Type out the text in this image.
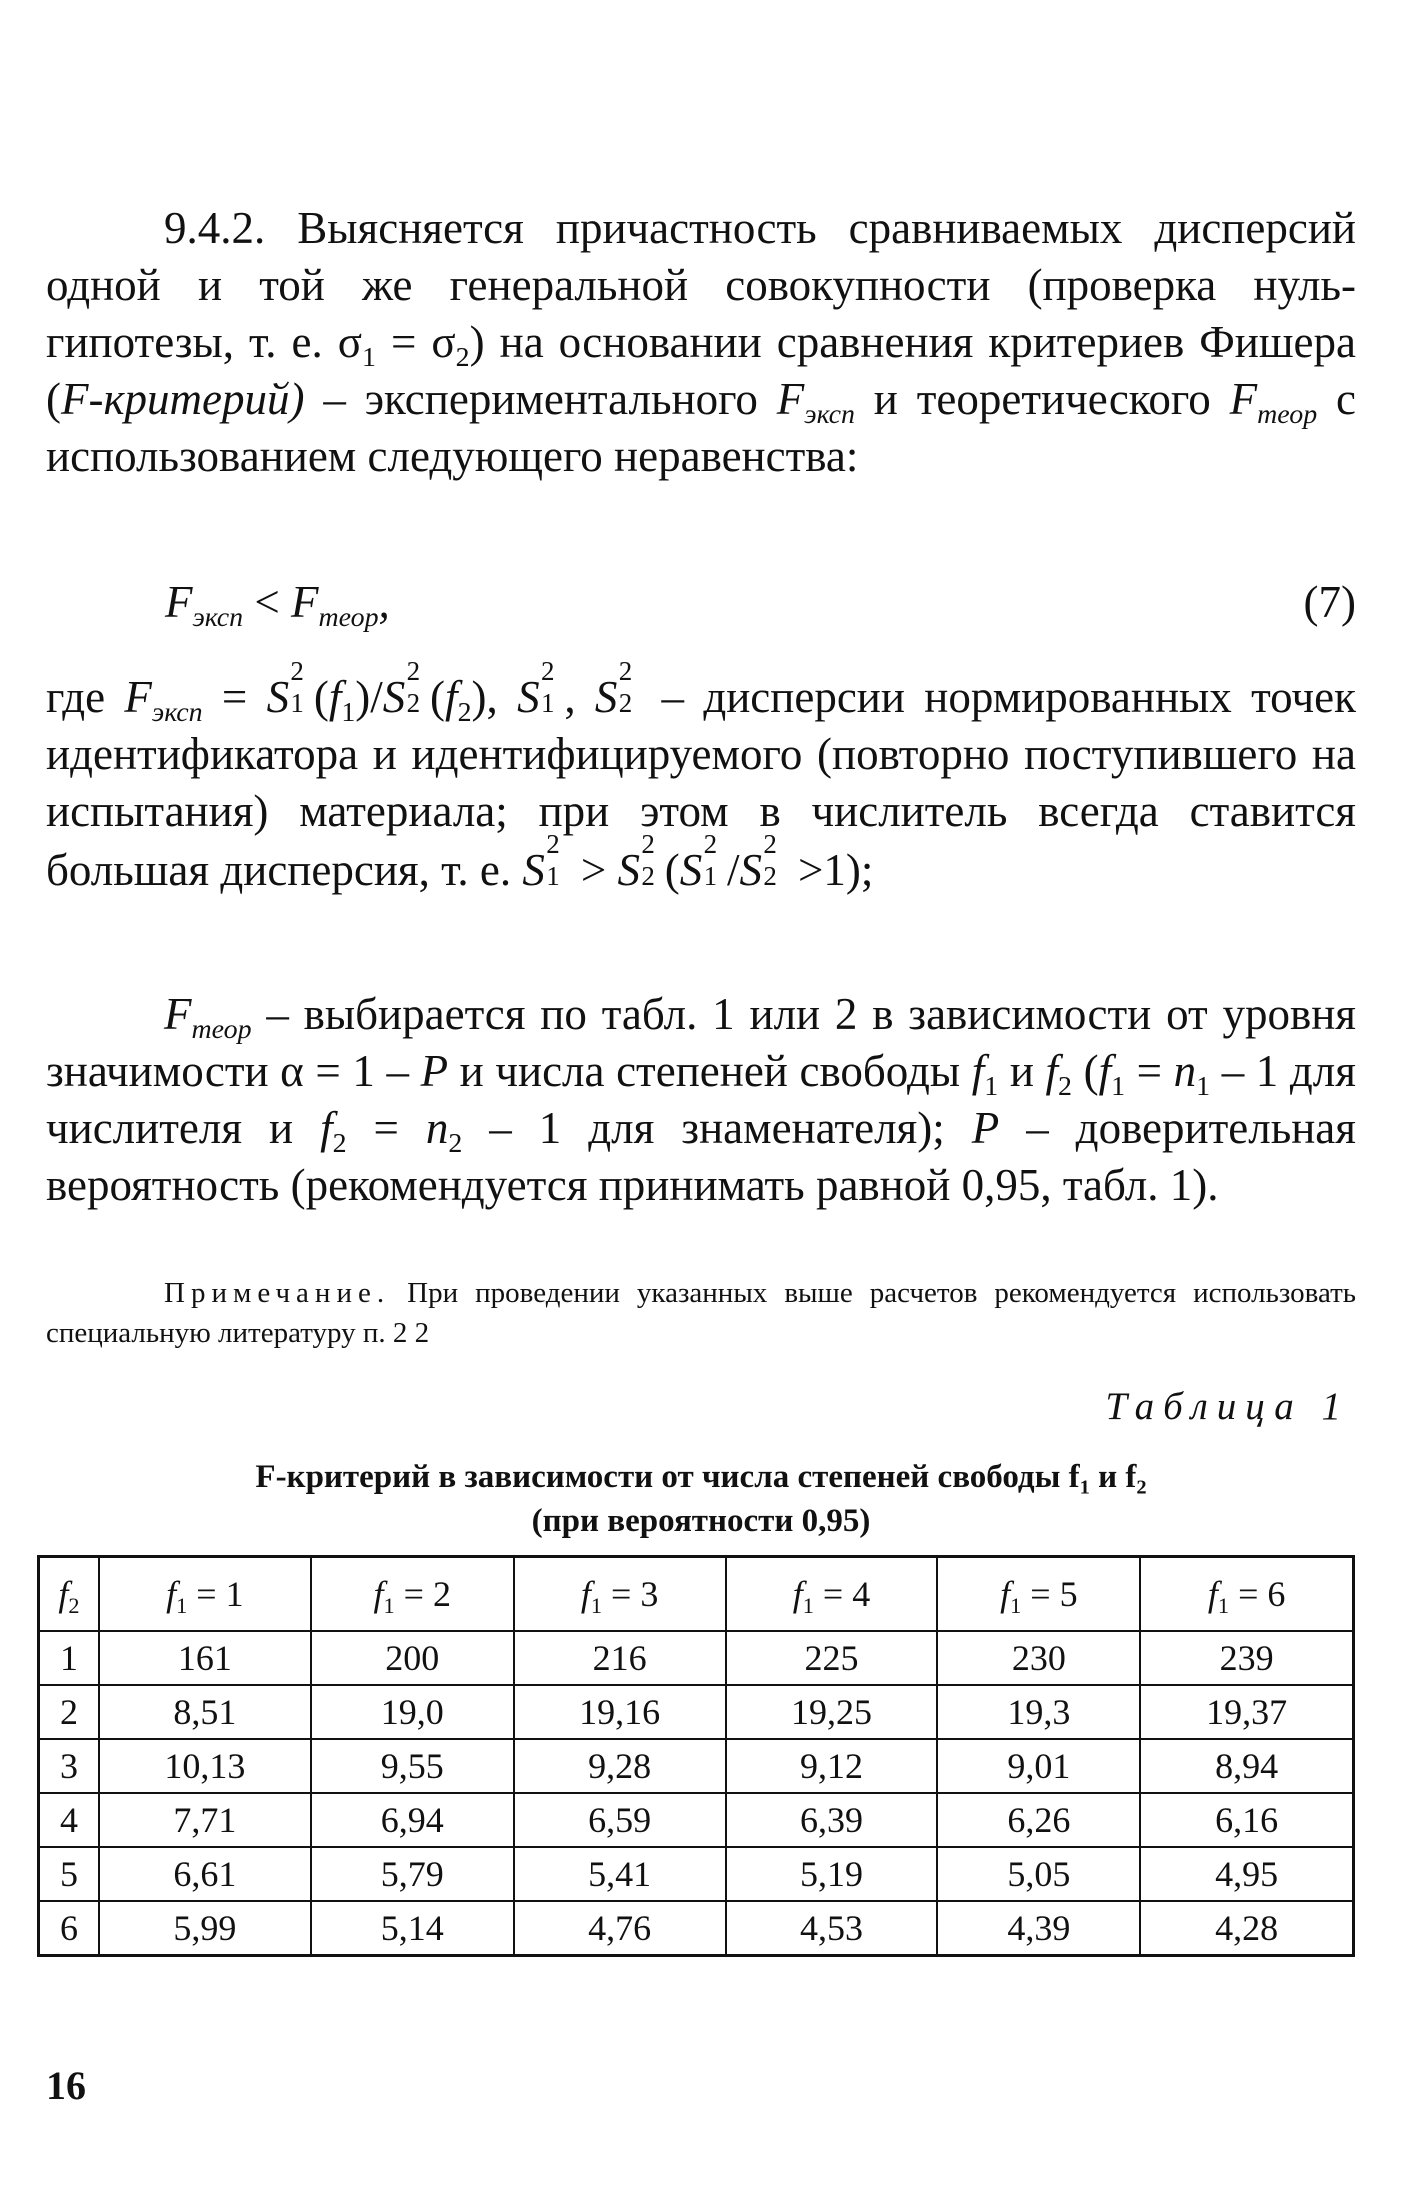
9.4.2. Выясняется причастность сравниваемых дисперсий одной и той же генеральной совокупности (проверка нуль-гипотезы, т. е. $\sigma_1 = \sigma_2$) на основании сравнения критериев Фишера (F-критерий) – экспериментального $F_{эксп}$ и теоретического $F_{теор}$ с использованием следующего неравенства:
$F_{эксп} < F_{теор}$,	(7)
где $F_{эксп} = S$
2
1 $(f_1)/S$
2
2 $(f_2)$, S
2
1 , S
2
2 – дисперсии нормированных точек идентификатора и идентифицируемого (повторно поступившего на испытания) материала; при этом в числитель всегда ставится большая дисперсия, т. е. S
2
1 > S
2
2 (S
2
1 /S
2
2 >1);
$F_{теор}$ – выбирается по табл. 1 или 2 в зависимости от уровня значимости α = 1 – P и числа степеней свободы $f_1$ и $f_2$ ($f_1 = n_1 - 1$ для числителя и $f_2 = n_2 - 1$ для знаменателя); P – доверительная вероятность (рекомендуется принимать равной 0,95, табл. 1).
Примечание. При проведении указанных выше расчетов рекомендуется использовать специальную литературу п. 2 2
Таблица 1
F-критерий в зависимости от числа степеней свободы $f_1$ и $f_2$
(при вероятности 0,95)
$f_2$	$f_1 = 1$	$f_1 = 2$	$f_1 = 3$	$f_1 = 4$	$f_1 = 5$	$f_1 = 6$
1	161	200	216	225	230	239
2	8,51	19,0	19,16	19,25	19,3	19,37
3	10,13	9,55	9,28	9,12	9,01	8,94
4	7,71	6,94	6,59	6,39	6,26	6,16
5	6,61	5,79	5,41	5,19	5,05	4,95
6	5,99	5,14	4,76	4,53	4,39	4,28
16
